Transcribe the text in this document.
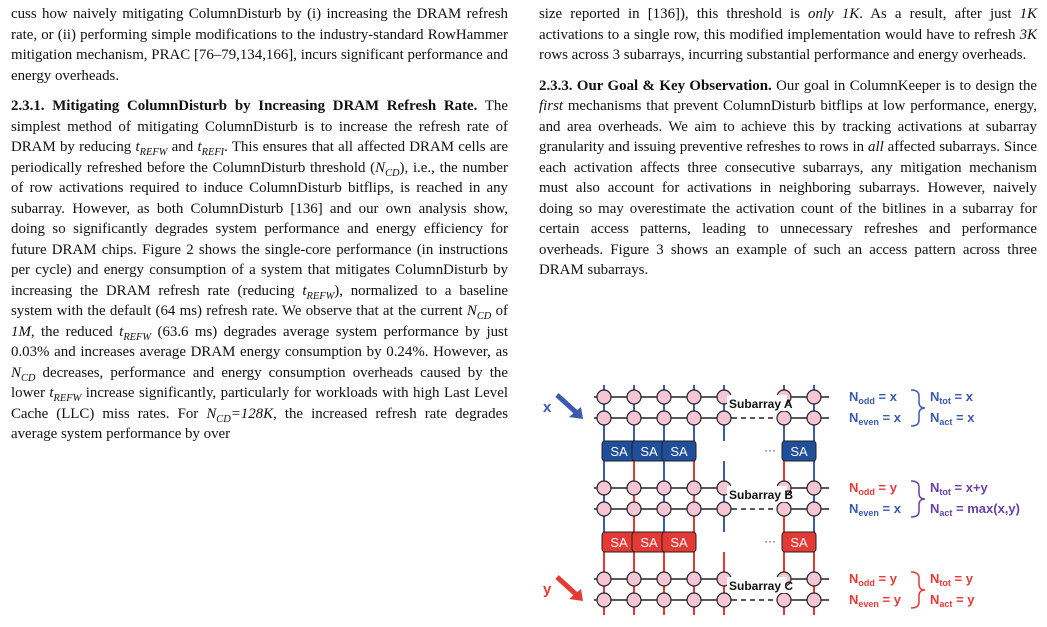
cuss how naively mitigating ColumnDisturb by (i) increasing the DRAM refresh rate, or (ii) performing simple modifications to the industry-standard RowHammer mitigation mechanism, PRAC [76–79,134,166], incurs significant performance and energy overheads.

2.3.1. Mitigating ColumnDisturb by Increasing DRAM Refresh Rate. The simplest method of mitigating ColumnDisturb is to increase the refresh rate of DRAM by reducing $t_{REFW}$ and $t_{REFI}$. This ensures that all affected DRAM cells are periodically refreshed before the ColumnDisturb threshold $(N_{CD})$, i.e., the number of row activations required to induce ColumnDisturb bitflips, is reached in any subarray. However, as both ColumnDisturb [136] and our own analysis show, doing so significantly degrades system performance and energy efficiency for future DRAM chips. Figure 2 shows the single-core performance (in instructions per cycle) and energy consumption of a system that mitigates ColumnDisturb by increasing the DRAM refresh rate (reducing $t_{REFW}$), normalized to a baseline system with the default (64 ms) refresh rate. We observe that at the current $N_{CD}$ of 1M, the reduced $t_{REFW}$ (63.6 ms) degrades average system performance by just 0.03% and increases average DRAM energy consumption by 0.24%. However, as $N_{CD}$ decreases, performance and energy consumption overheads caused by the lower $t_{REFW}$ increase significantly, particularly for workloads with high Last Level Cache (LLC) miss rates. For $N_{CD}=128K$, the increased refresh rate degrades average system performance by over

size reported in [136]), this threshold is only 1K. As a result, after just 1K activations to a single row, this modified implementation would have to refresh 3K rows across 3 subarrays, incurring substantial performance and energy overheads.

2.3.3. Our Goal & Key Observation. Our goal in ColumnKeeper is to design the first mechanisms that prevent ColumnDisturb bitflips at low performance, energy, and area overheads. We aim to achieve this by tracking activations at subarray granularity and issuing preventive refreshes to rows in all affected subarrays. Since each activation affects three consecutive subarrays, any mitigation mechanism must also account for activations in neighboring subarrays. However, naively doing so may overestimate the activation count of the bitlines in a subarray for certain access patterns, leading to unnecessary refreshes and performance overheads. Figure 3 shows an example of such an access pattern across three DRAM subarrays.

SA SA SA	SA
SA SA SA	SA
Subarray A
Subarray B
Subarray C
···
···
x
y
$N_{odd} = x$
$N_{even} = x$
$N_{tot} = x$
$N_{act} = x$
$N_{odd} = y$
$N_{even} = x$
$N_{tot} = x+y$
$N_{act} = \max(x,y)$
$N_{odd} = y$
$N_{even} = y$
$N_{tot} = y$
$N_{act} = y$
